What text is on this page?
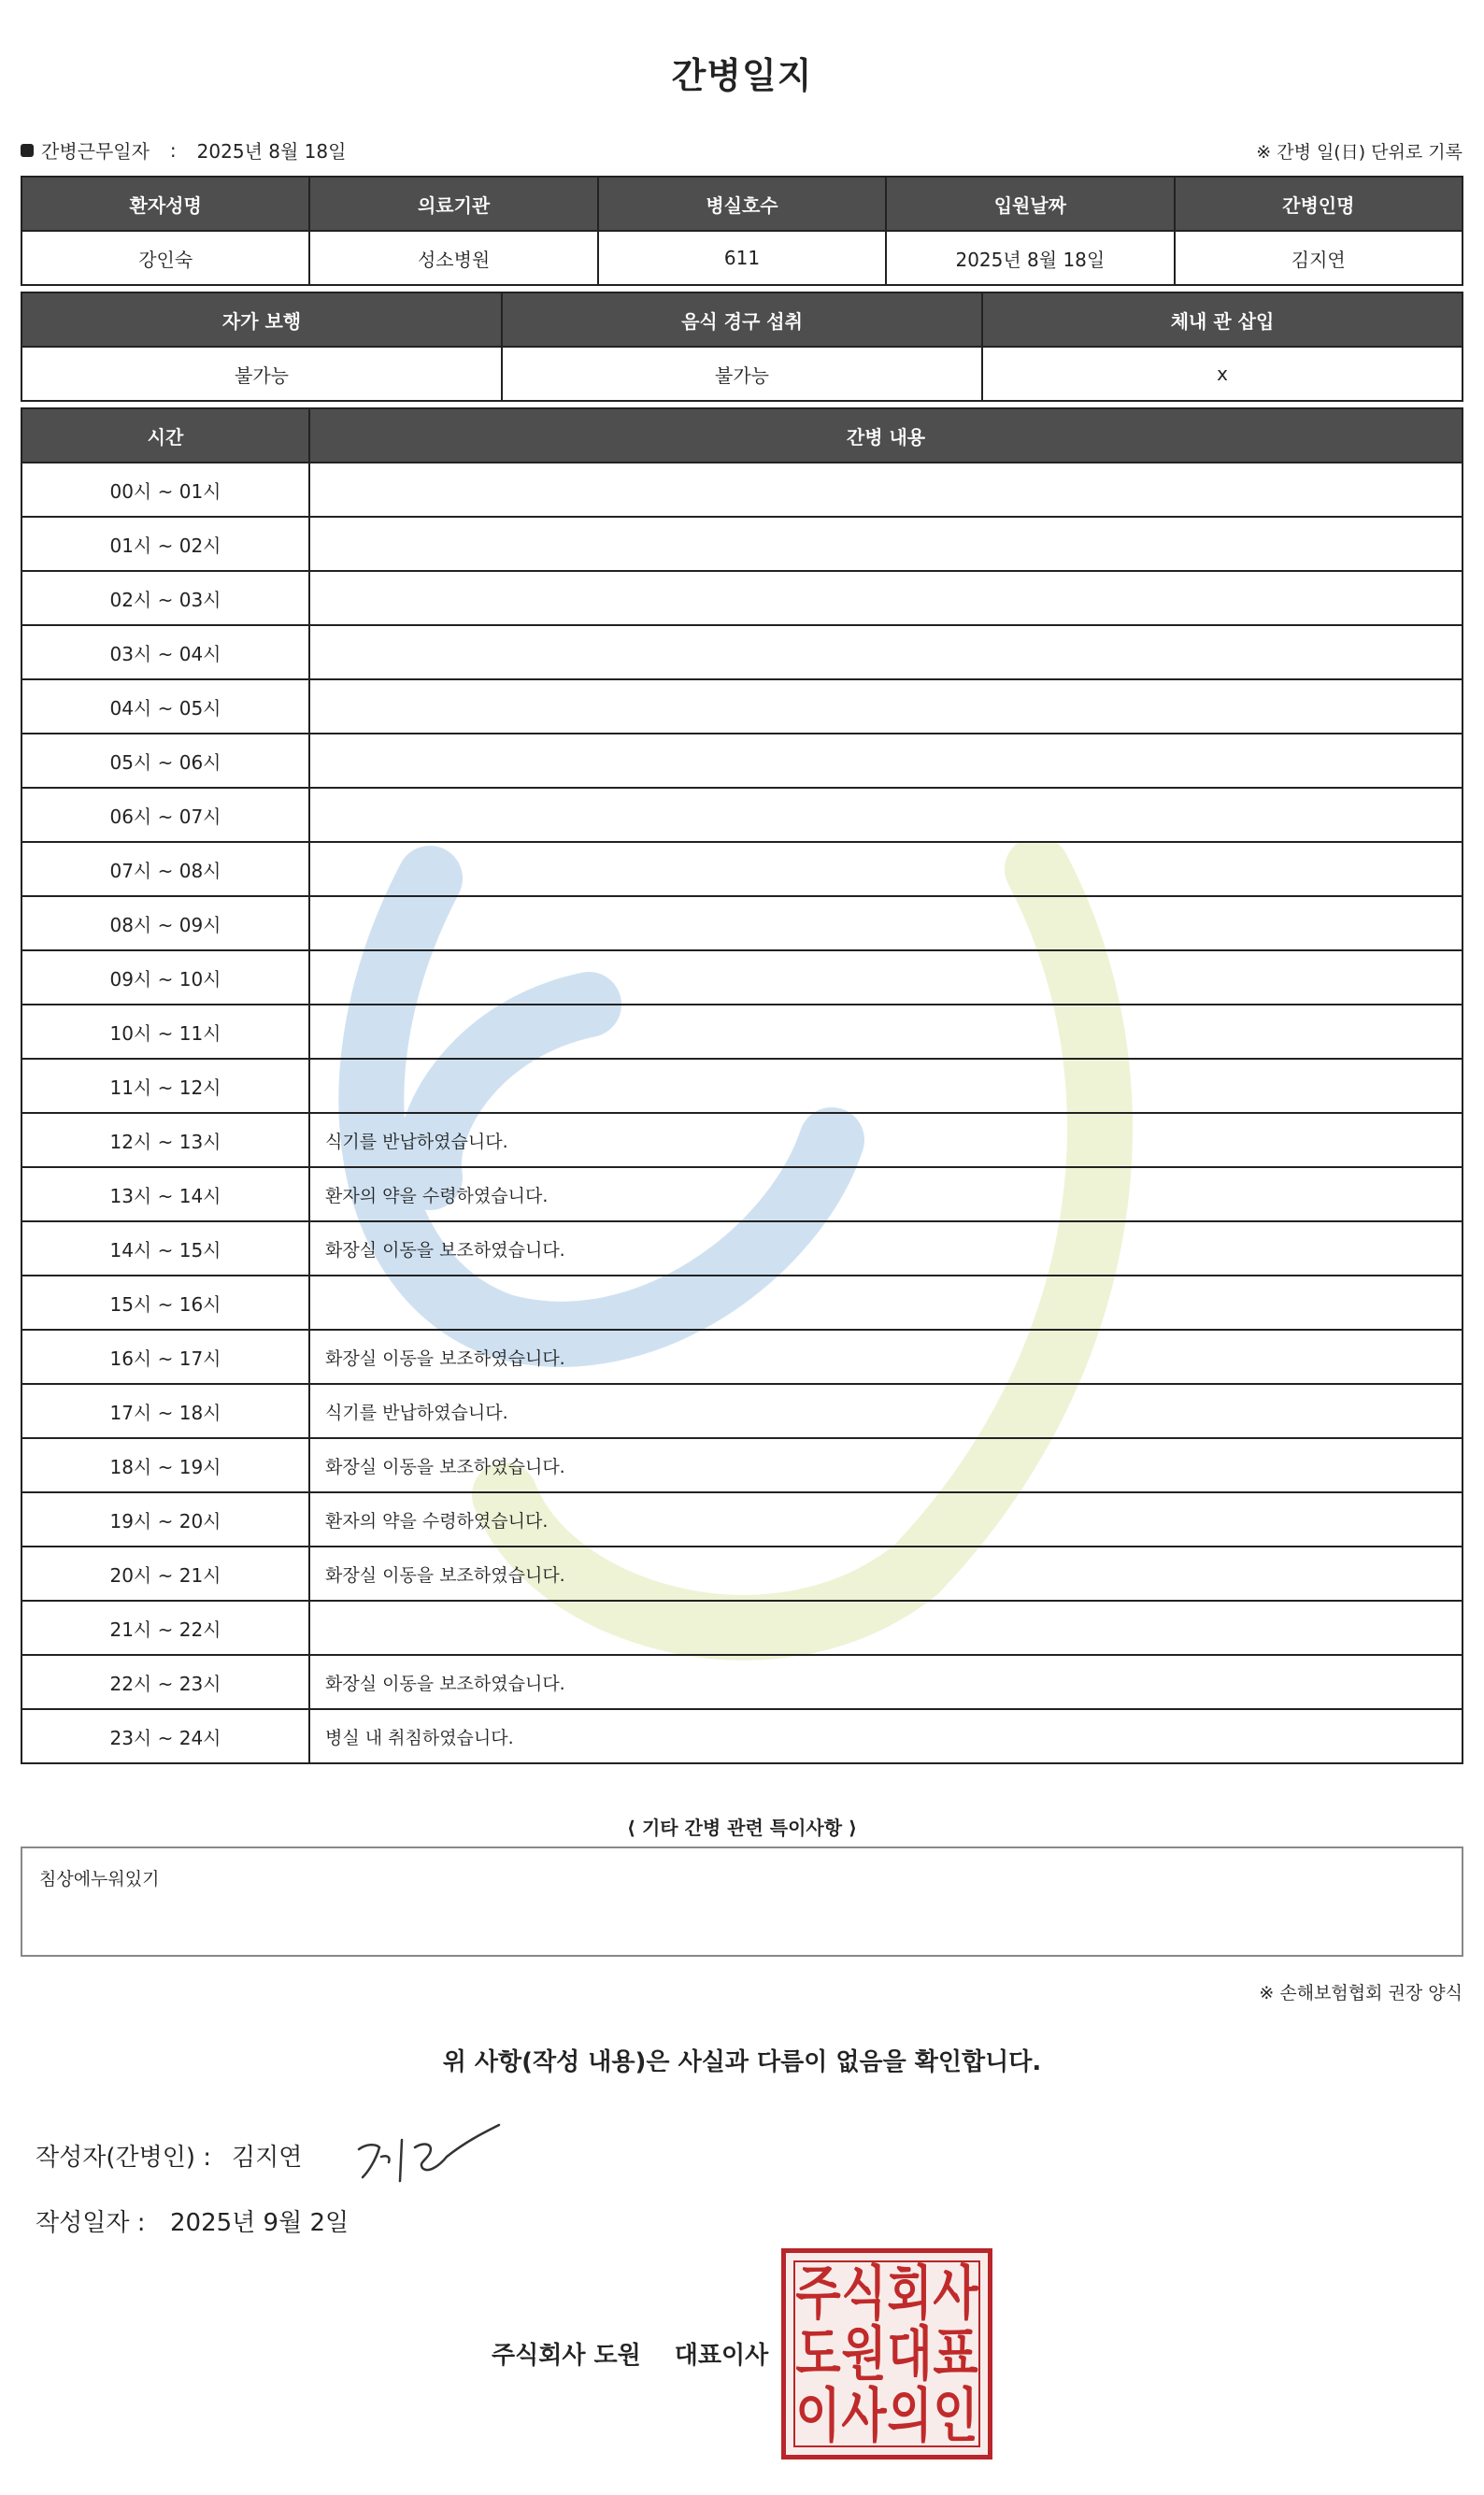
간병일지
간병근무일자 : 2025년 8월 18일	※ 간병 일(日) 단위로 기록
환자성명	의료기관	병실호수	입원날짜	간병인명
강인숙	성소병원	611	2025년 8월 18일	김지연
자가 보행	음식 경구 섭취	체내 관 삽입
불가능	불가능	x
시간	간병 내용
00시 ~ 01시	
01시 ~ 02시	
02시 ~ 03시	
03시 ~ 04시	
04시 ~ 05시	
05시 ~ 06시	
06시 ~ 07시	
07시 ~ 08시	
08시 ~ 09시	
09시 ~ 10시	
10시 ~ 11시	
11시 ~ 12시	
12시 ~ 13시	식기를 반납하였습니다.
13시 ~ 14시	환자의 약을 수령하였습니다.
14시 ~ 15시	화장실 이동을 보조하였습니다.
15시 ~ 16시	
16시 ~ 17시	화장실 이동을 보조하였습니다.
17시 ~ 18시	식기를 반납하였습니다.
18시 ~ 19시	화장실 이동을 보조하였습니다.
19시 ~ 20시	환자의 약을 수령하였습니다.
20시 ~ 21시	화장실 이동을 보조하였습니다.
21시 ~ 22시	
22시 ~ 23시	화장실 이동을 보조하였습니다.
23시 ~ 24시	병실 내 취침하였습니다.
⟨ 기타 간병 관련 특이사항 ⟩
침상에누워있기
※ 손해보험협회 권장 양식
위 사항(작성 내용)은 사실과 다름이 없음을 확인합니다.
작성자(간병인) : 김지연
작성일자 :	2025년 9월 2일
주식회사 도원 대표이사
주 식 회 사
도 원 대 표
이 사 의 인
